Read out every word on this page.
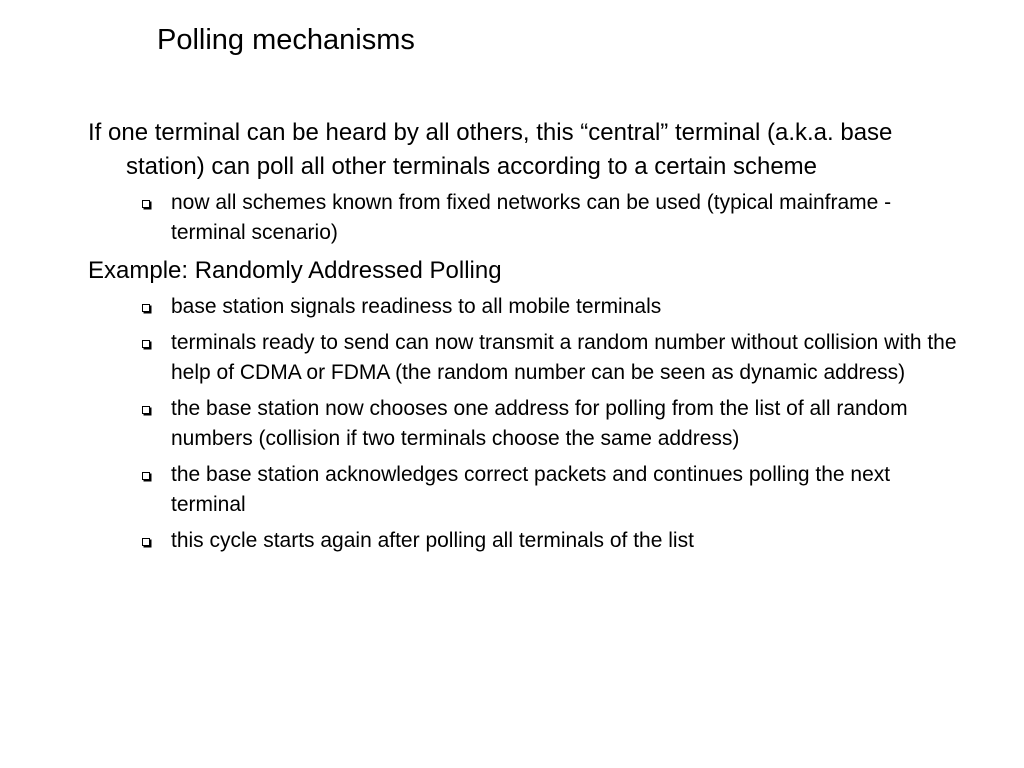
Polling mechanisms

If one terminal can be heard by all others, this “central” terminal (a.k.a. base station) can poll all other terminals according to a certain scheme

now all schemes known from fixed networks can be used (typical mainframe - terminal scenario)

Example: Randomly Addressed Polling

base station signals readiness to all mobile terminals
terminals ready to send can now transmit a random number without collision with the help of CDMA or FDMA (the random number can be seen as dynamic address)
the base station now chooses one address for polling from the list of all random numbers (collision if two terminals choose the same address)
the base station acknowledges correct packets and continues polling the next terminal
this cycle starts again after polling all terminals of the list
